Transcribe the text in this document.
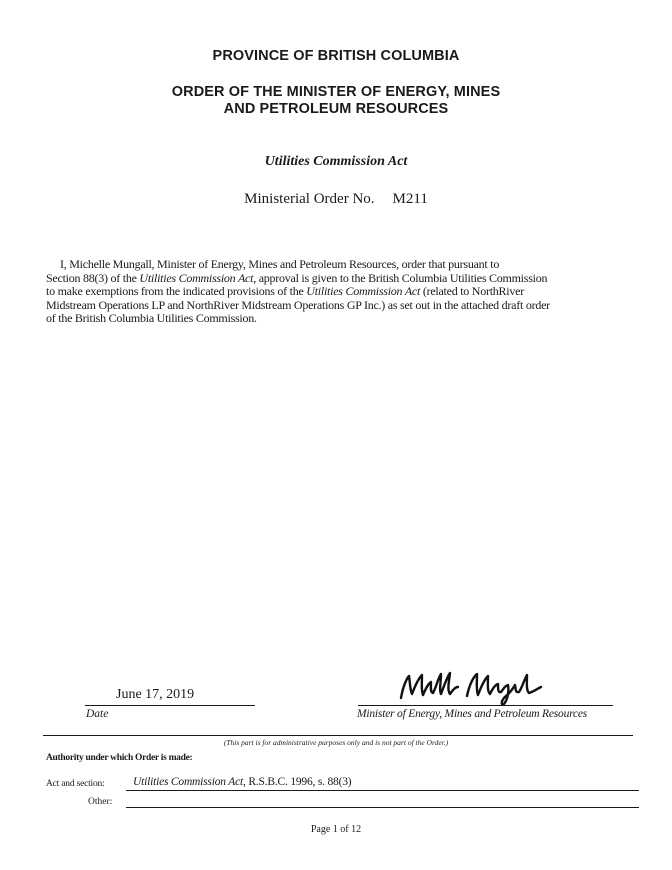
PROVINCE OF BRITISH COLUMBIA
ORDER OF THE MINISTER OF ENERGY, MINES
AND PETROLEUM RESOURCES
Utilities Commission Act
Ministerial Order No. M211
I, Michelle Mungall, Minister of Energy, Mines and Petroleum Resources, order that pursuant to
Section 88(3) of the Utilities Commission Act, approval is given to the British Columbia Utilities Commission
to make exemptions from the indicated provisions of the Utilities Commission Act (related to NorthRiver
Midstream Operations LP and NorthRiver Midstream Operations GP Inc.) as set out in the attached draft order
of the British Columbia Utilities Commission.
June 17, 2019
Date	Minister of Energy, Mines and Petroleum Resources
(This part is for administrative purposes only and is not part of the Order.)
Authority under which Order is made:
Act and section: Utilities Commission Act, R.S.B.C. 1996, s. 88(3)
Other:
Page 1 of 12
